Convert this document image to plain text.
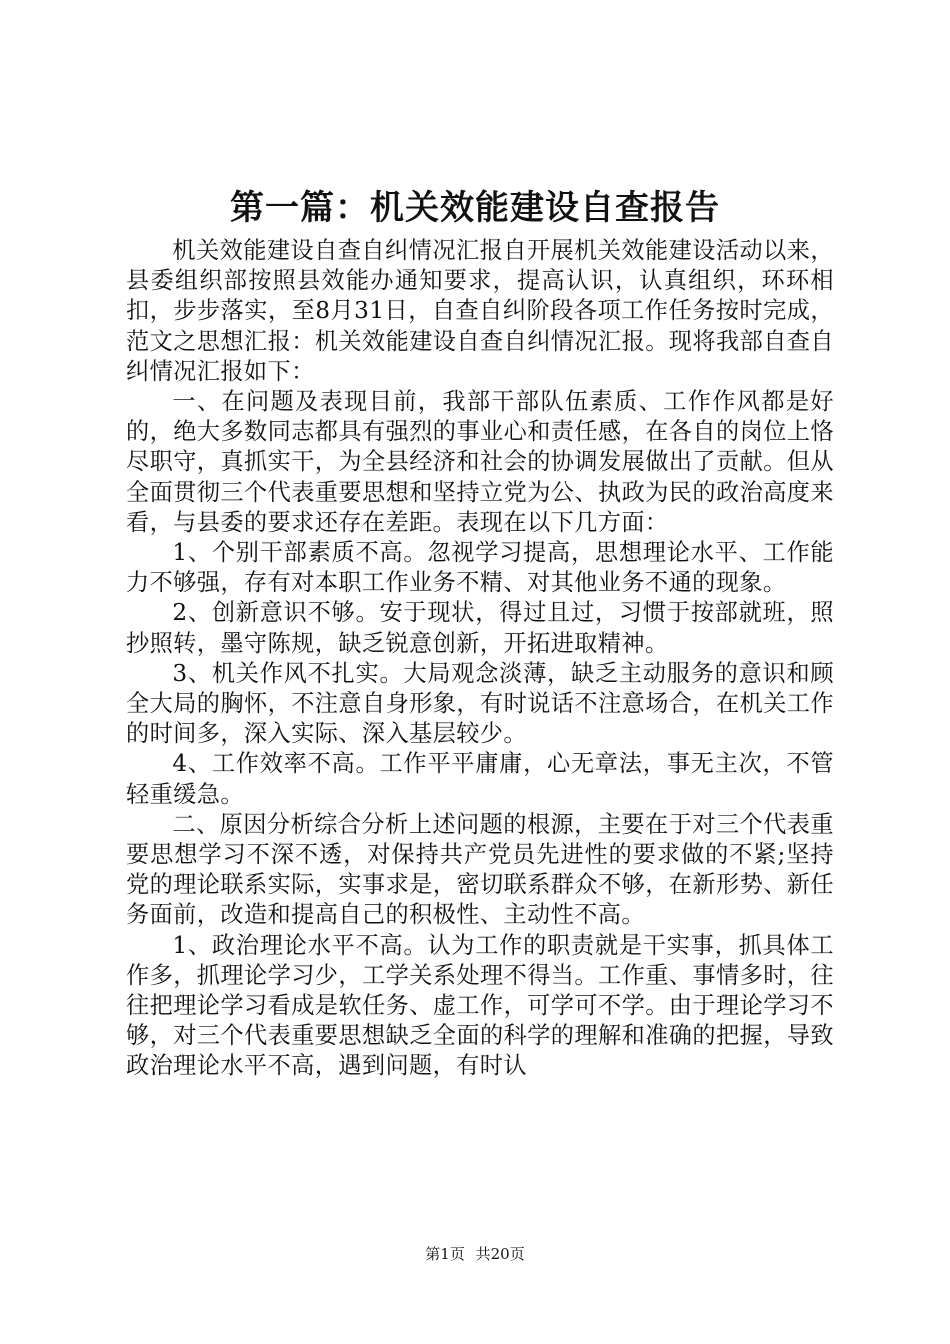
第一篇：机关效能建设自查报告

机关效能建设自查自纠情况汇报自开展机关效能建设活动以来，县委组织部按照县效能办通知要求，提高认识，认真组织，环环相扣，步步落实，至8月31日，自查自纠阶段各项工作任务按时完成，范文之思想汇报：机关效能建设自查自纠情况汇报。现将我部自查自纠情况汇报如下：

一、在问题及表现目前，我部干部队伍素质、工作作风都是好的，绝大多数同志都具有强烈的事业心和责任感，在各自的岗位上恪尽职守，真抓实干，为全县经济和社会的协调发展做出了贡献。但从全面贯彻三个代表重要思想和坚持立党为公、执政为民的政治高度来看，与县委的要求还存在差距。表现在以下几方面：

1、个别干部素质不高。忽视学习提高，思想理论水平、工作能力不够强，存有对本职工作业务不精、对其他业务不通的现象。

2、创新意识不够。安于现状，得过且过，习惯于按部就班，照抄照转，墨守陈规，缺乏锐意创新，开拓进取精神。

3、机关作风不扎实。大局观念淡薄，缺乏主动服务的意识和顾全大局的胸怀，不注意自身形象，有时说话不注意场合，在机关工作的时间多，深入实际、深入基层较少。

4、工作效率不高。工作平平庸庸，心无章法，事无主次，不管轻重缓急。

二、原因分析综合分析上述问题的根源，主要在于对三个代表重要思想学习不深不透，对保持共产党员先进性的要求做的不紧;坚持党的理论联系实际，实事求是，密切联系群众不够，在新形势、新任务面前，改造和提高自己的积极性、主动性不高。

1、政治理论水平不高。认为工作的职责就是干实事，抓具体工作多，抓理论学习少，工学关系处理不得当。工作重、事情多时，往往把理论学习看成是软任务、虚工作，可学可不学。由于理论学习不够，对三个代表重要思想缺乏全面的科学的理解和准确的把握，导致政治理论水平不高，遇到问题，有时认

第1页 共20页
